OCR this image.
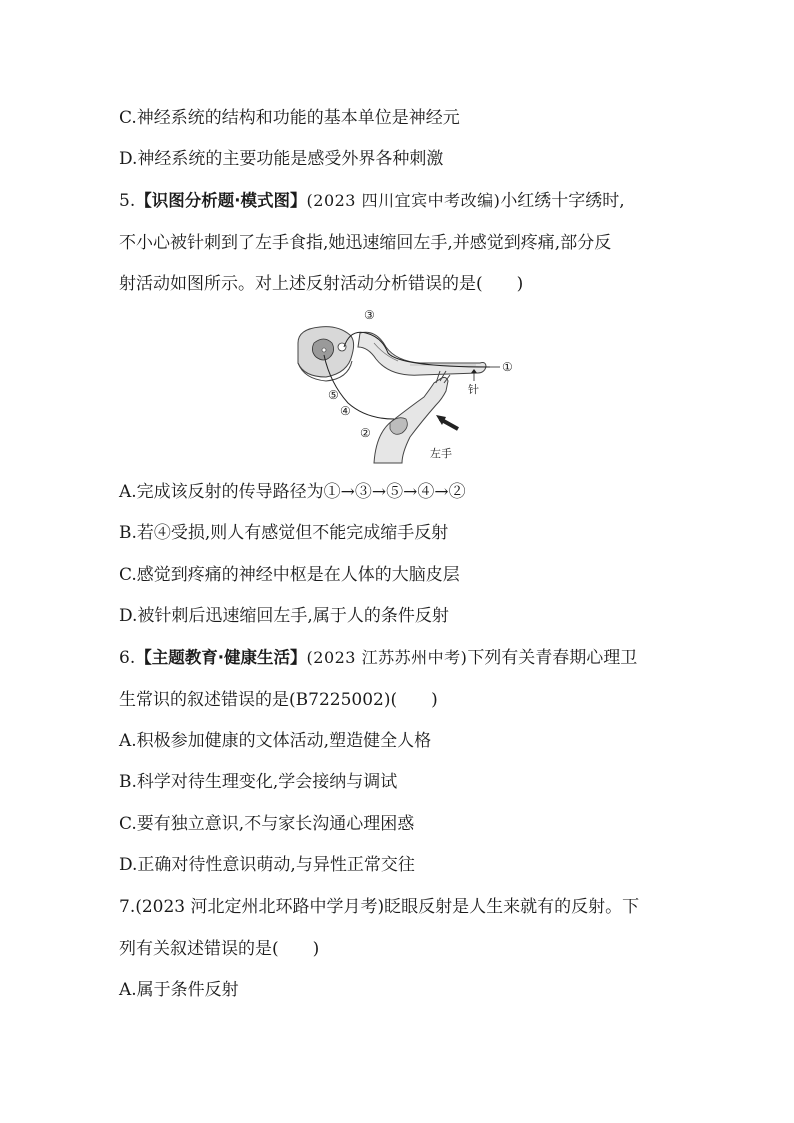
C.神经系统的结构和功能的基本单位是神经元
D.神经系统的主要功能是感受外界各种刺激
5.【识图分析题·模式图】(2023 四川宜宾中考改编)小红绣十字绣时,
不小心被针刺到了左手食指,她迅速缩回左手,并感觉到疼痛,部分反
射活动如图所示。对上述反射活动分析错误的是(　　)
①
②
③
④
⑤	针
左手
A.完成该反射的传导路径为①→③→⑤→④→②
B.若④受损,则人有感觉但不能完成缩手反射
C.感觉到疼痛的神经中枢是在人体的大脑皮层
D.被针刺后迅速缩回左手,属于人的条件反射
6.【主题教育·健康生活】(2023 江苏苏州中考)下列有关青春期心理卫
生常识的叙述错误的是(B7225002)(　　)
A.积极参加健康的文体活动,塑造健全人格
B.科学对待生理变化,学会接纳与调试
C.要有独立意识,不与家长沟通心理困惑
D.正确对待性意识萌动,与异性正常交往
7.(2023 河北定州北环路中学月考)眨眼反射是人生来就有的反射。下
列有关叙述错误的是(　　)
A.属于条件反射
